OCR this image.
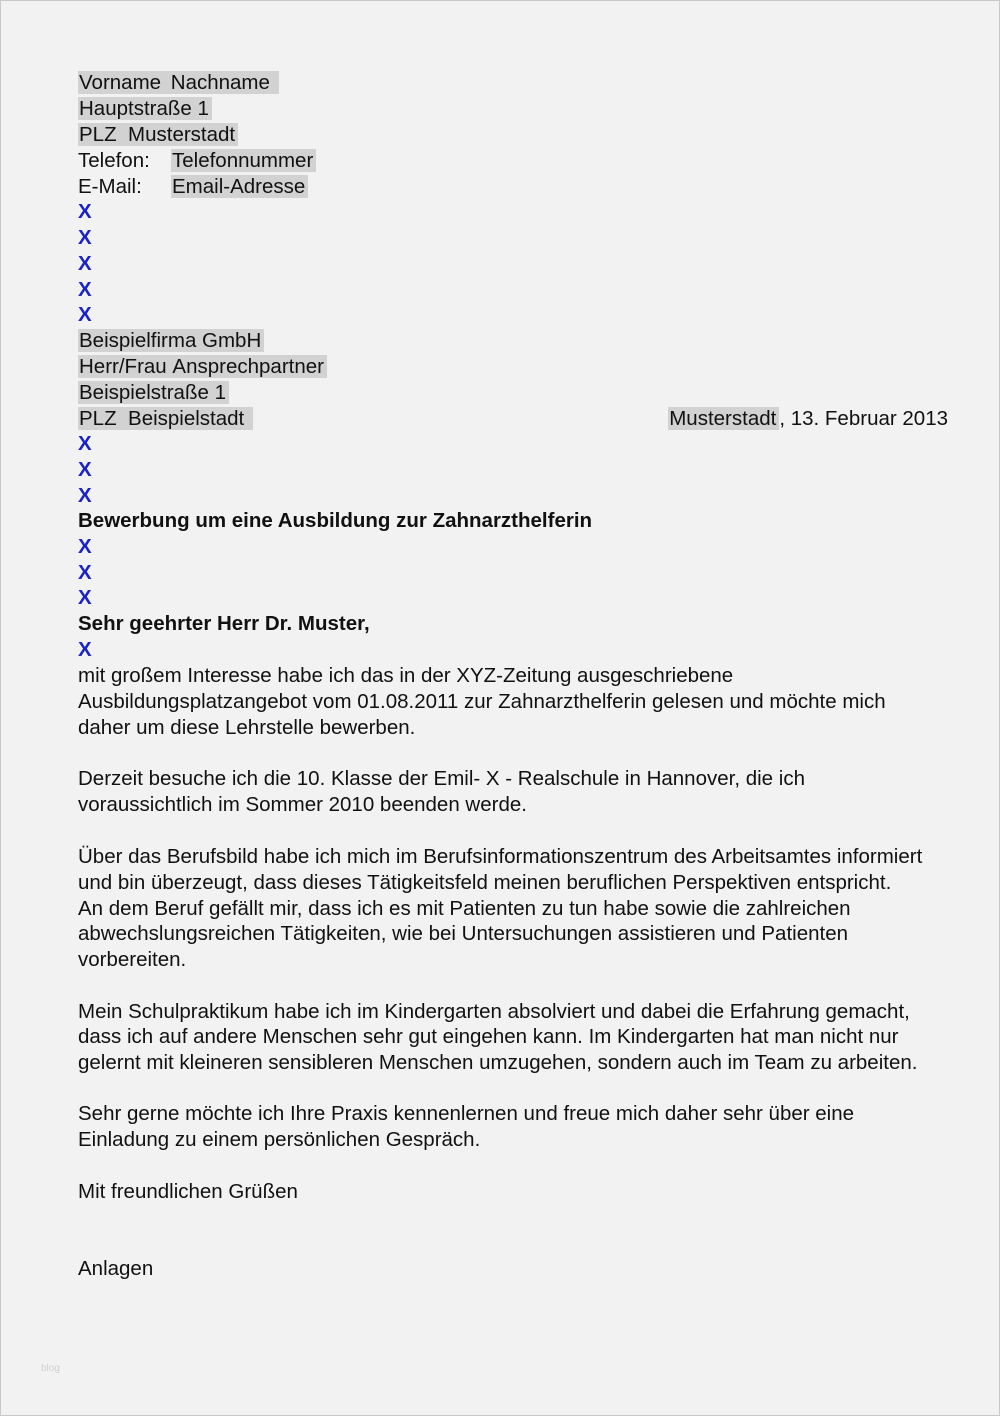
Vorname Nachname
Hauptstraße 1
PLZ Musterstadt
Telefon: Telefonnummer
E-Mail: Email-Adresse
X
X
X
X
X
Beispielfirma GmbH
Herr/Frau Ansprechpartner
Beispielstraße 1
PLZ Beispielstadt	Musterstadt , 13. Februar 2013
X
X
X
Bewerbung um eine Ausbildung zur Zahnarzthelferin
X
X
X
Sehr geehrter Herr Dr. Muster,
X
mit großem Interesse habe ich das in der XYZ-Zeitung ausgeschriebene
Ausbildungsplatzangebot vom 01.08.2011 zur Zahnarzthelferin gelesen und möchte mich
daher um diese Lehrstelle bewerben.
Derzeit besuche ich die 10. Klasse der Emil- X - Realschule in Hannover, die ich
voraussichtlich im Sommer 2010 beenden werde.
Über das Berufsbild habe ich mich im Berufsinformationszentrum des Arbeitsamtes informiert
und bin überzeugt, dass dieses Tätigkeitsfeld meinen beruflichen Perspektiven entspricht.
An dem Beruf gefällt mir, dass ich es mit Patienten zu tun habe sowie die zahlreichen
abwechslungsreichen Tätigkeiten, wie bei Untersuchungen assistieren und Patienten
vorbereiten.
Mein Schulpraktikum habe ich im Kindergarten absolviert und dabei die Erfahrung gemacht,
dass ich auf andere Menschen sehr gut eingehen kann. Im Kindergarten hat man nicht nur
gelernt mit kleineren sensibleren Menschen umzugehen, sondern auch im Team zu arbeiten.
Sehr gerne möchte ich Ihre Praxis kennenlernen und freue mich daher sehr über eine
Einladung zu einem persönlichen Gespräch.
Mit freundlichen Grüßen
Anlagen
blog
